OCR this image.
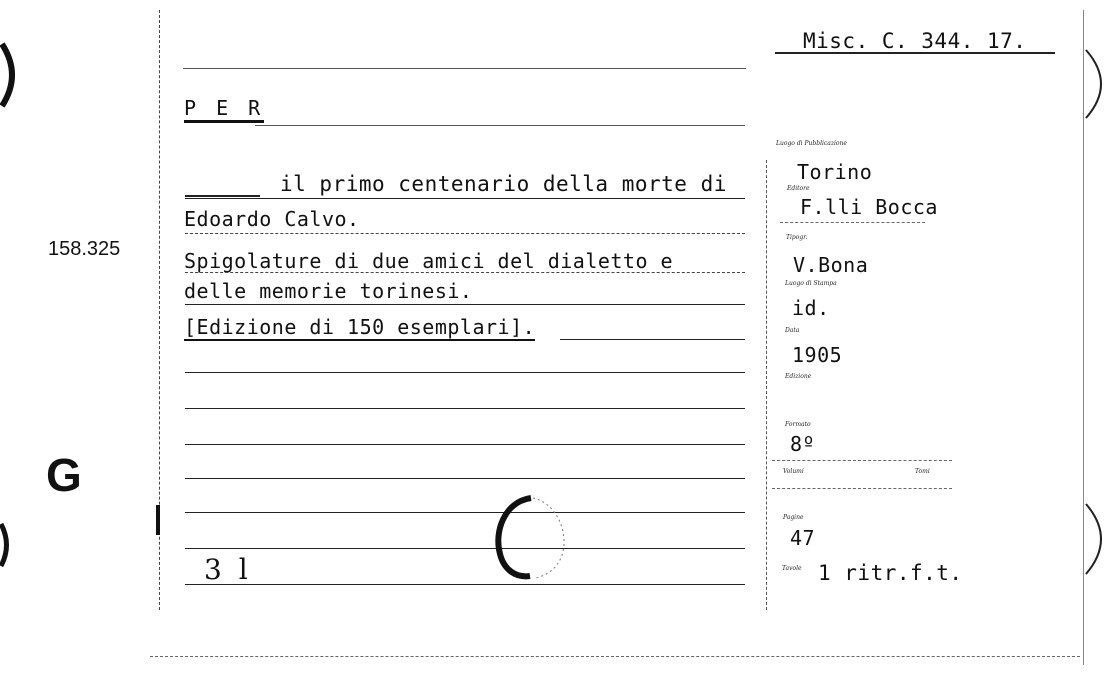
158.325
G
Misc. C. 344. 17.
P E R
il primo centenario della morte di
Edoardo Calvo.
Spigolature di due amici del dialetto e
delle memorie torinesi.
[Edizione di 150 esemplari].
3 l
Luogo di Pubblicazione
Torino
Editore
F.lli Bocca
Tipogr.
V.Bona
Luogo di Stampa
id.
Data
1905
Edizione
Formato
8º
Volumi	Tomi
Pagine
47
Tavole 1 ritr.f.t.
